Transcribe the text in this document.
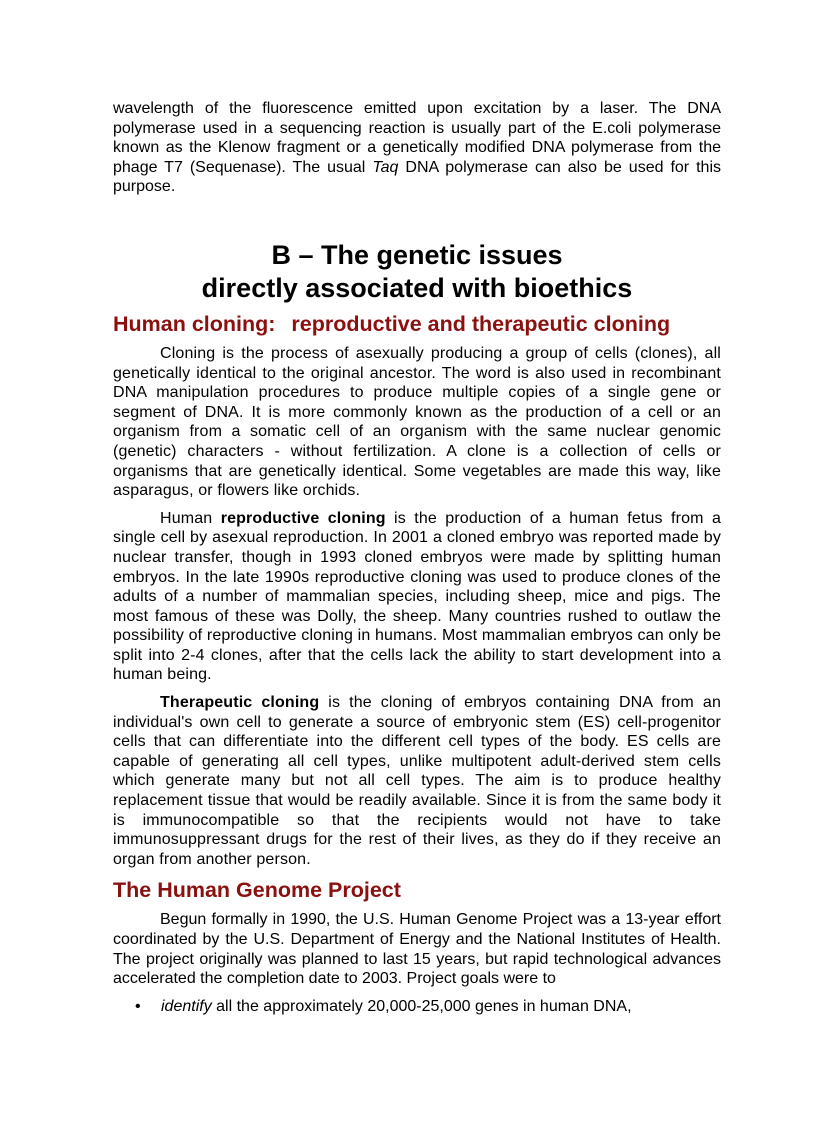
wavelength of the fluorescence emitted upon excitation by a laser. The DNA polymerase used in a sequencing reaction is usually part of the E.coli polymerase known as the Klenow fragment or a genetically modified DNA polymerase from the phage T7 (Sequenase). The usual Taq DNA polymerase can also be used for this purpose.

B – The genetic issues
directly associated with bioethics
Human cloning: reproductive and therapeutic cloning

Cloning is the process of asexually producing a group of cells (clones), all genetically identical to the original ancestor. The word is also used in recombinant DNA manipulation procedures to produce multiple copies of a single gene or segment of DNA. It is more commonly known as the production of a cell or an organism from a somatic cell of an organism with the same nuclear genomic (genetic) characters - without fertilization. A clone is a collection of cells or organisms that are genetically identical. Some vegetables are made this way, like asparagus, or flowers like orchids.

Human reproductive cloning is the production of a human fetus from a single cell by asexual reproduction. In 2001 a cloned embryo was reported made by nuclear transfer, though in 1993 cloned embryos were made by splitting human embryos. In the late 1990s reproductive cloning was used to produce clones of the adults of a number of mammalian species, including sheep, mice and pigs. The most famous of these was Dolly, the sheep. Many countries rushed to outlaw the possibility of reproductive cloning in humans. Most mammalian embryos can only be split into 2-4 clones, after that the cells lack the ability to start development into a human being.

Therapeutic cloning is the cloning of embryos containing DNA from an individual's own cell to generate a source of embryonic stem (ES) cell-progenitor cells that can differentiate into the different cell types of the body. ES cells are capable of generating all cell types, unlike multipotent adult-derived stem cells which generate many but not all cell types. The aim is to produce healthy replacement tissue that would be readily available. Since it is from the same body it is immunocompatible so that the recipients would not have to take immunosuppressant drugs for the rest of their lives, as they do if they receive an organ from another person.

The Human Genome Project

Begun formally in 1990, the U.S. Human Genome Project was a 13-year effort coordinated by the U.S. Department of Energy and the National Institutes of Health. The project originally was planned to last 15 years, but rapid technological advances accelerated the completion date to 2003. Project goals were to

• identify all the approximately 20,000-25,000 genes in human DNA,
